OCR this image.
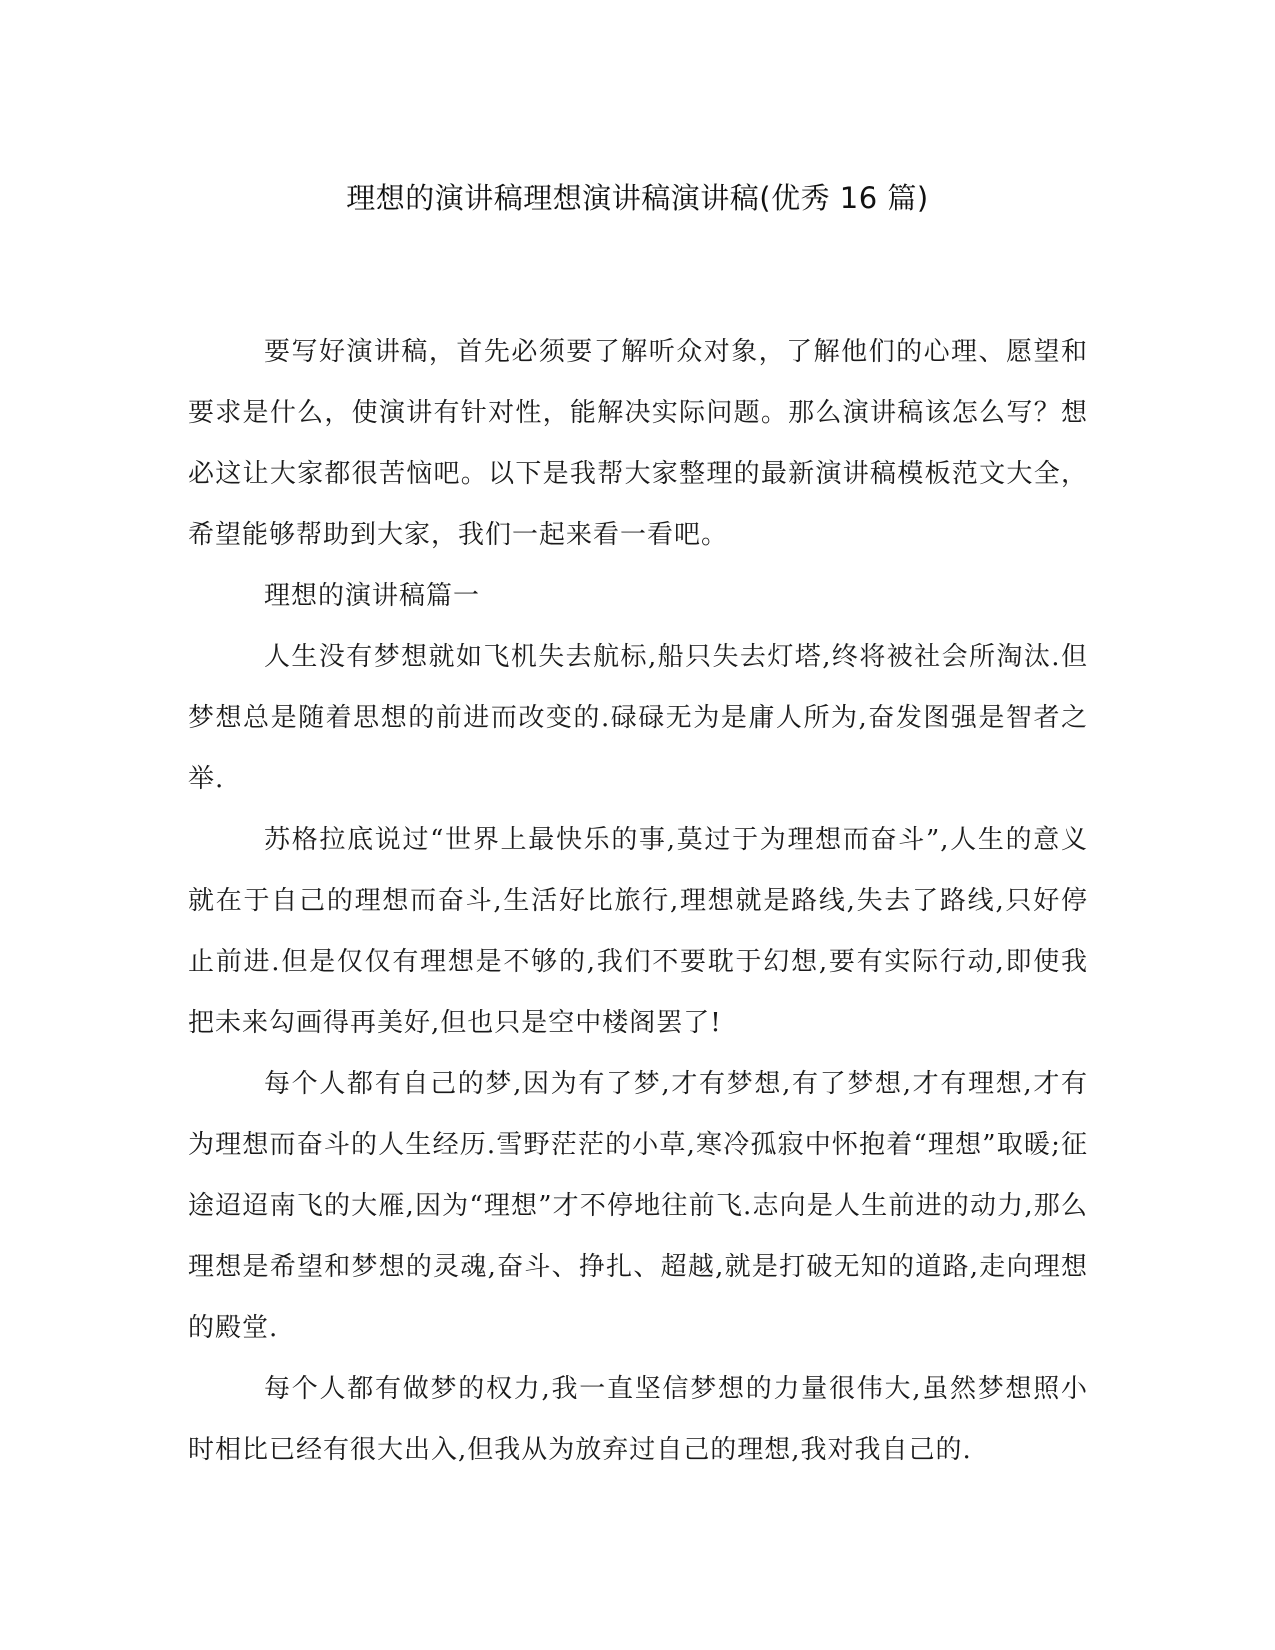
理想的演讲稿理想演讲稿演讲稿(优秀 16 篇)

要写好演讲稿，首先必须要了解听众对象，了解他们的心理、愿望和要求是什么，使演讲有针对性，能解决实际问题。那么演讲稿该怎么写？想必这让大家都很苦恼吧。以下是我帮大家整理的最新演讲稿模板范文大全，希望能够帮助到大家，我们一起来看一看吧。

理想的演讲稿篇一

人生没有梦想就如飞机失去航标,船只失去灯塔,终将被社会所淘汰.但梦想总是随着思想的前进而改变的.碌碌无为是庸人所为,奋发图强是智者之举.

苏格拉底说过“世界上最快乐的事,莫过于为理想而奋斗”,人生的意义就在于自己的理想而奋斗,生活好比旅行,理想就是路线,失去了路线,只好停止前进.但是仅仅有理想是不够的,我们不要耽于幻想,要有实际行动,即使我把未来勾画得再美好,但也只是空中楼阁罢了!

每个人都有自己的梦,因为有了梦,才有梦想,有了梦想,才有理想,才有为理想而奋斗的人生经历.雪野茫茫的小草,寒冷孤寂中怀抱着“理想”取暖;征途迢迢南飞的大雁,因为“理想”才不停地往前飞.志向是人生前进的动力,那么理想是希望和梦想的灵魂,奋斗、挣扎、超越,就是打破无知的道路,走向理想的殿堂.

每个人都有做梦的权力,我一直坚信梦想的力量很伟大,虽然梦想照小时相比已经有很大出入,但我从为放弃过自己的理想,我对我自己的.
